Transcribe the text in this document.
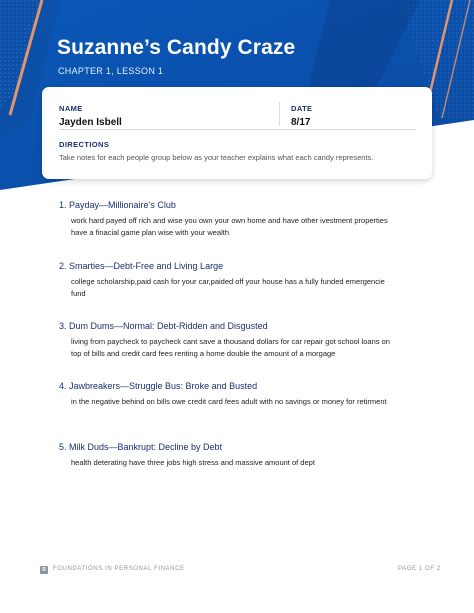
Suzanne’s Candy Craze
CHAPTER 1, LESSON 1
NAME
Jayden Isbell
DATE
8/17
DIRECTIONS
Take notes for each people group below as your teacher explains what each candy represents.
1. Payday—Millionaire’s Club
work hard payed off rich and wise you own your own home and have other ivestment properties
have a finacial game plan wise with your wealth
2. Smarties—Debt-Free and Living Large
college scholarship,paid cash for your car,paided off your house has a fully funded emergencie
fund
3. Dum Dums—Normal: Debt-Ridden and Disgusted
living from paycheck to paycheck cant save a thousand dollars for car repair got school loans on
top of bills and credit card fees renting a home double the amount of a morgage
4. Jawbreakers—Struggle Bus: Broke and Busted
in the negative behind on bills owe credit card fees adult with no savings or money for retirment
5. Milk Duds—Bankrupt: Decline by Debt
health deterating have three jobs high stress and massive amount of dept
R	FOUNDATIONS IN PERSONAL FINANCE	PAGE 1 OF 2
